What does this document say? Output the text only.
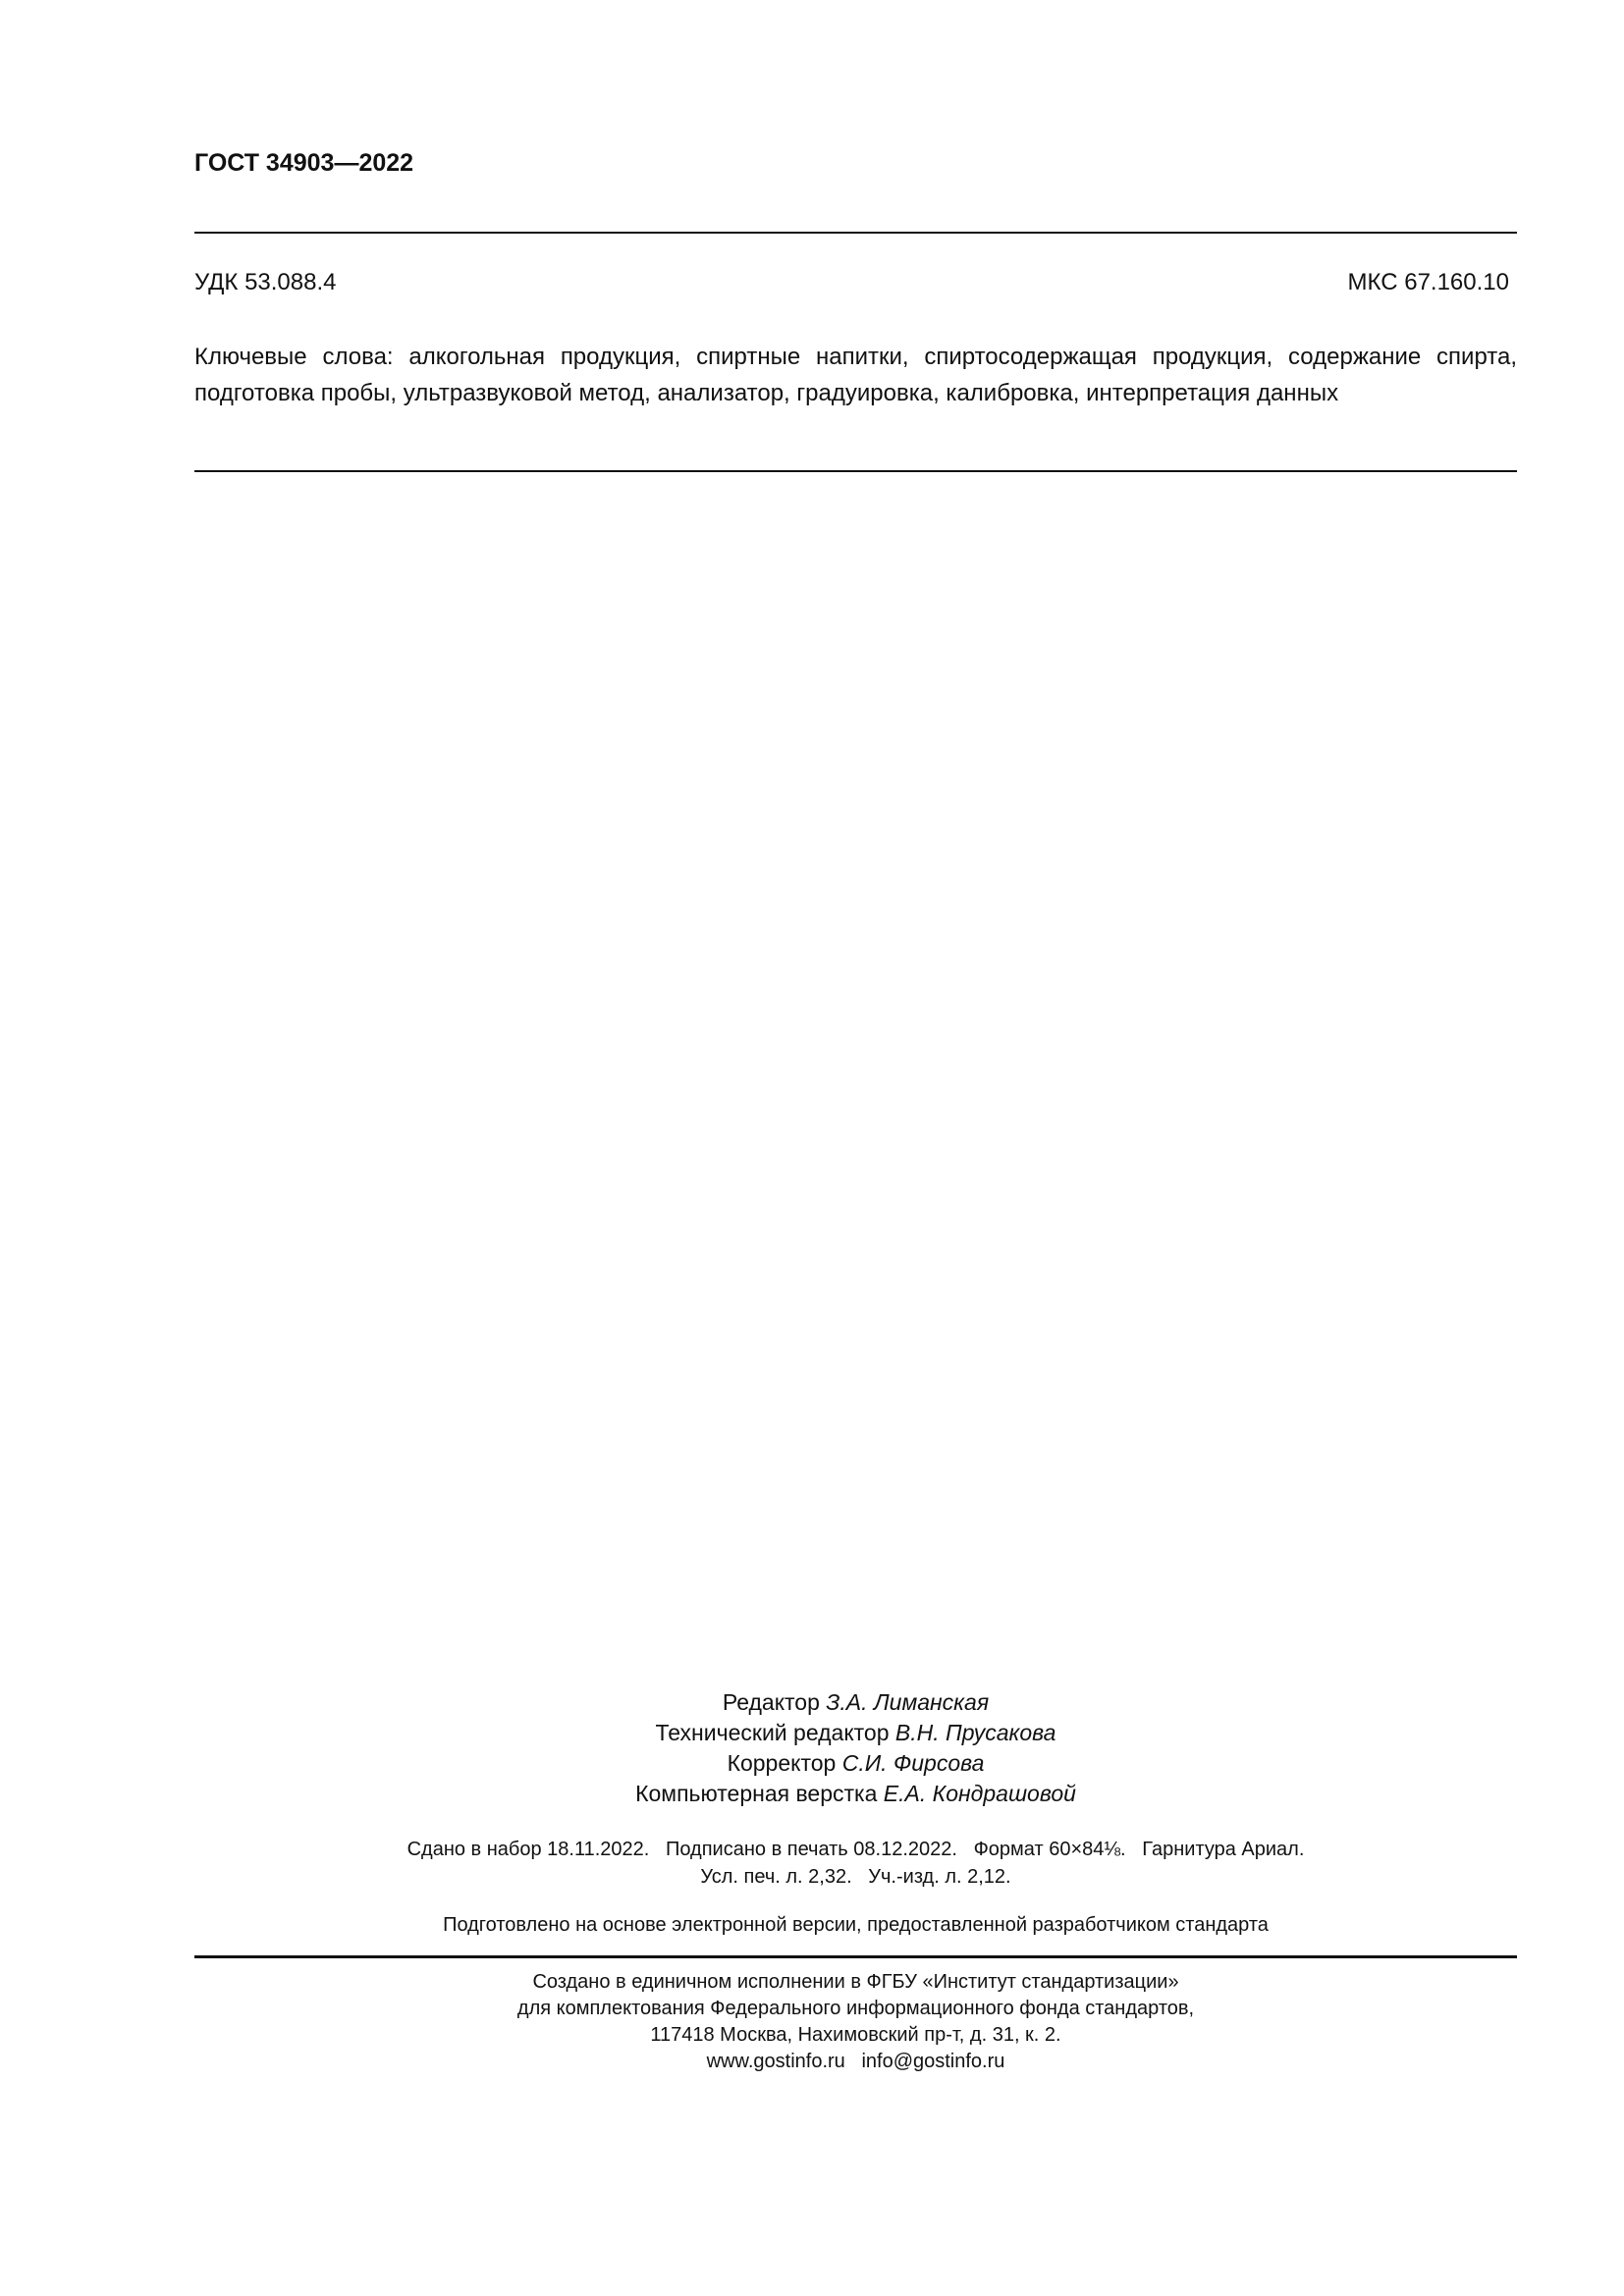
ГОСТ 34903—2022
УДК 53.088.4	МКС 67.160.10
Ключевые слова: алкогольная продукция, спиртные напитки, спиртосодержащая продукция, содержание спирта, подготовка пробы, ультразвуковой метод, анализатор, градуировка, калибровка, интерпретация данных
Редактор З.А. Лиманская
Технический редактор В.Н. Прусакова
Корректор С.И. Фирсова
Компьютерная верстка Е.А. Кондрашовой
Сдано в набор 18.11.2022.   Подписано в печать 08.12.2022.   Формат 60×84⅛.   Гарнитура Ариал.
Усл. печ. л. 2,32.   Уч.-изд. л. 2,12.
Подготовлено на основе электронной версии, предоставленной разработчиком стандарта
Создано в единичном исполнении в ФГБУ «Институт стандартизации»
для комплектования Федерального информационного фонда стандартов,
117418 Москва, Нахимовский пр-т, д. 31, к. 2.
www.gostinfo.ru info@gostinfo.ru
